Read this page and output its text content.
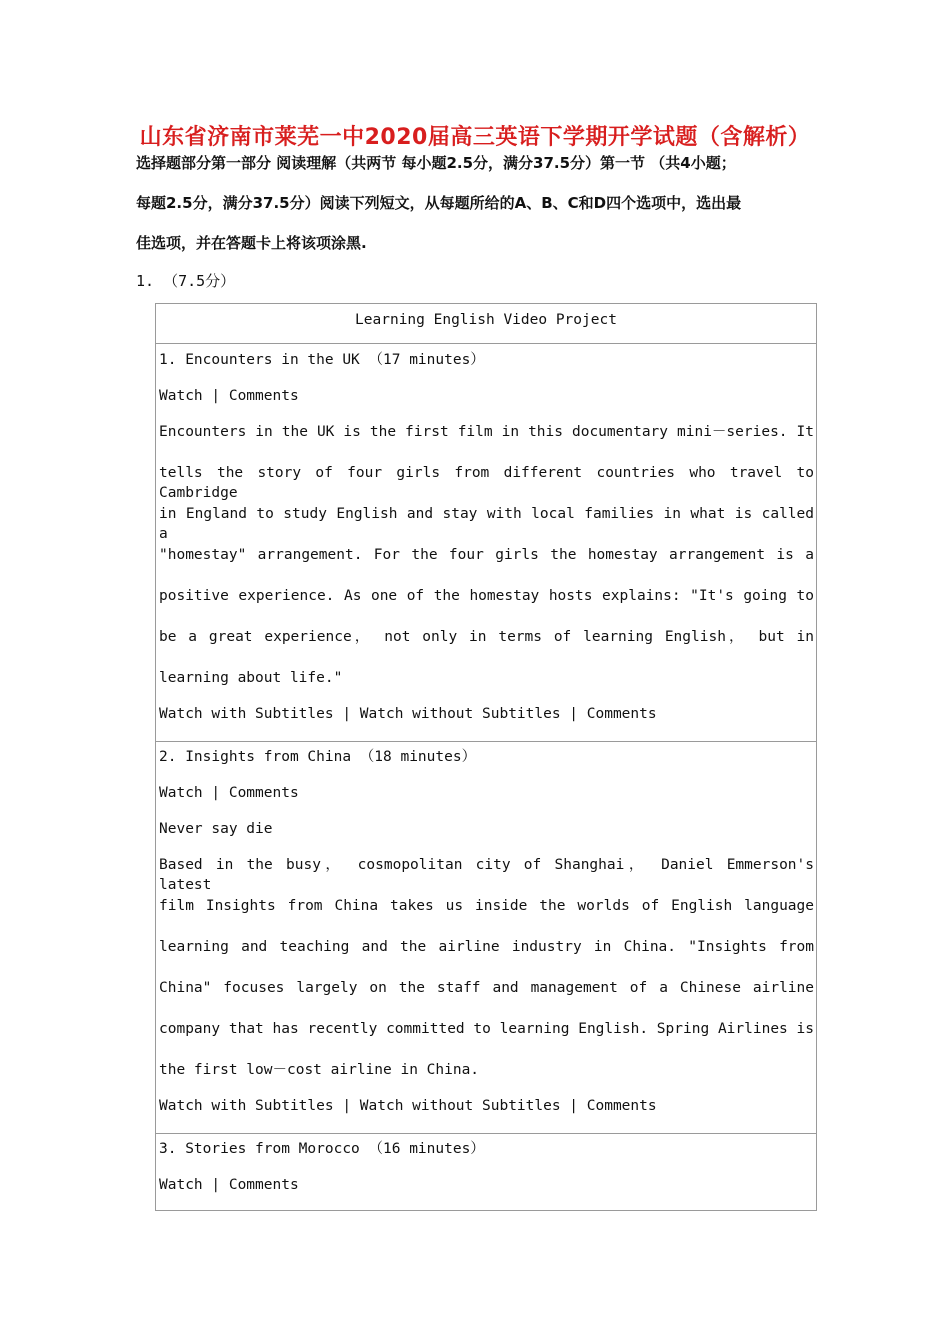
山东省济南市莱芜一中2020届高三英语下学期开学试题（含解析）
选择题部分第一部分 阅读理解（共两节 每小题2.5分，满分37.5分）第一节 （共4小题；
每题2.5分，满分37.5分）阅读下列短文，从每题所给的A、B、C和D四个选项中，选出最
佳选项，并在答题卡上将该项涂黑.
1. （7.5分）
Learning English Video Project
1. Encounters in the UK （17 minutes）
Watch | Comments
Encounters in the UK is the first film in this documentary mini－series. It
tells the story of four girls from different countries who travel to Cambridge
in England to study English and stay with local families in what is called a
"homestay" arrangement. For the four girls the homestay arrangement is a
positive experience. As one of the homestay hosts explains: "It's going to
be a great experience， not only in terms of learning English， but in
learning about life."
Watch with Subtitles | Watch without Subtitles | Comments
2. Insights from China （18 minutes）
Watch | Comments
Never say die
Based in the busy， cosmopolitan city of Shanghai， Daniel Emmerson's latest
film Insights from China takes us inside the worlds of English language
learning and teaching and the airline industry in China. "Insights from
China" focuses largely on the staff and management of a Chinese airline
company that has recently committed to learning English. Spring Airlines is
the first low－cost airline in China.
Watch with Subtitles | Watch without Subtitles | Comments
3. Stories from Morocco （16 minutes）
Watch | Comments
